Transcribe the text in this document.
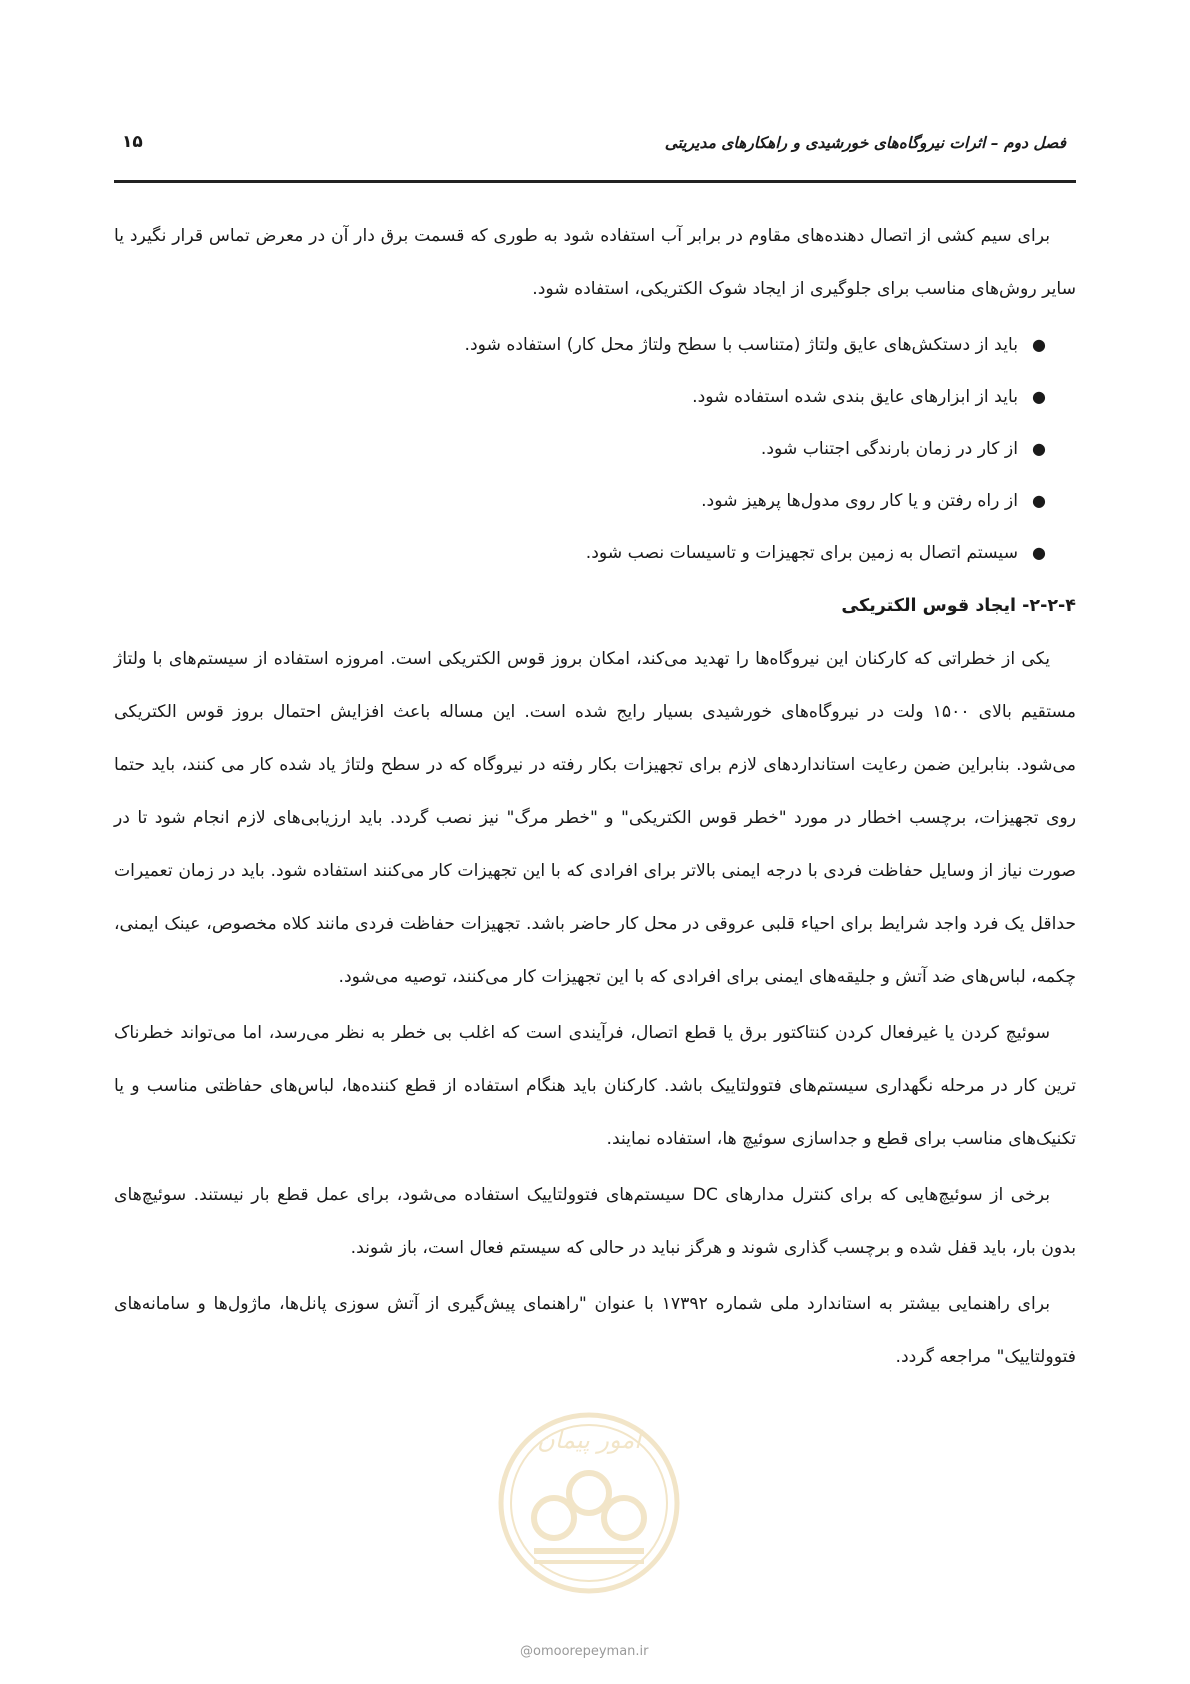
فصل دوم – اثرات نیروگاه‌های خورشیدی و راهکارهای مدیریتی
۱۵

برای سیم کشی از اتصال دهنده‌های مقاوم در برابر آب استفاده شود به طوری که قسمت برق دار آن در معرض تماس قرار نگیرد یا سایر روش‌های مناسب برای جلوگیری از ایجاد شوک الکتریکی، استفاده شود.

●
باید از دستکش‌های عایق ولتاژ (متناسب با سطح ولتاژ محل کار) استفاده شود.
●
باید از ابزارهای عایق بندی شده استفاده شود.
●
از کار در زمان بارندگی اجتناب شود.
●
از راه رفتن و یا کار روی مدول‌ها پرهیز شود.
●
سیستم اتصال به زمین برای تجهیزات و تاسیسات نصب شود.
۲-۲-۴- ایجاد قوس الکتریکی

یکی از خطراتی که کارکنان این نیروگاه‌ها را تهدید می‌کند، امکان بروز قوس الکتریکی است. امروزه استفاده از سیستم‌های با ولتاژ مستقیم بالای ۱۵۰۰ ولت در نیروگاه‌های خورشیدی بسیار رایج شده است. این مساله باعث افزایش احتمال بروز قوس الکتریکی می‌شود. بنابراین ضمن رعایت استانداردهای لازم برای تجهیزات بکار رفته در نیروگاه که در سطح ولتاژ یاد شده کار می کنند، باید حتما روی تجهیزات، برچسب اخطار در مورد "خطر قوس الکتریکی" و "خطر مرگ" نیز نصب گردد. باید ارزیابی‌های لازم انجام شود تا در صورت نیاز از وسایل حفاظت فردی با درجه ایمنی بالاتر برای افرادی که با این تجهیزات کار می‌کنند استفاده شود. باید در زمان تعمیرات حداقل یک فرد واجد شرایط برای احیاء قلبی عروقی در محل کار حاضر باشد. تجهیزات حفاظت فردی مانند کلاه مخصوص، عینک ایمنی، چکمه، لباس‌های ضد آتش و جلیقه‌های ایمنی برای افرادی که با این تجهیزات کار می‌کنند، توصیه می‌شود.

سوئیچ کردن یا غیرفعال کردن کنتاکتور برق یا قطع اتصال، فرآیندی است که اغلب بی خطر به نظر می‌رسد، اما می‌تواند خطرناک ترین کار در مرحله نگهداری سیستم‌های فتوولتاییک باشد. کارکنان باید هنگام استفاده از قطع کننده‌ها، لباس‌های حفاظتی مناسب و یا تکنیک‌های مناسب برای قطع و جداسازی سوئیچ ها، استفاده نمایند.

برخی از سوئیچ‌هایی که برای کنترل مدارهای DC سیستم‌های فتوولتاییک استفاده می‌شود، برای عمل قطع بار نیستند. سوئیچ‌های بدون بار، باید قفل شده و برچسب گذاری شوند و هرگز نباید در حالی که سیستم فعال است، باز شوند.

برای راهنمایی بیشتر به استاندارد ملی شماره ۱۷۳۹۲ با عنوان "راهنمای پیش‌گیری از آتش سوزی پانل‌ها، ماژول‌ها و سامانه‌های فتوولتاییک" مراجعه گردد.

امور پیمان
@omoorepeyman.ir
